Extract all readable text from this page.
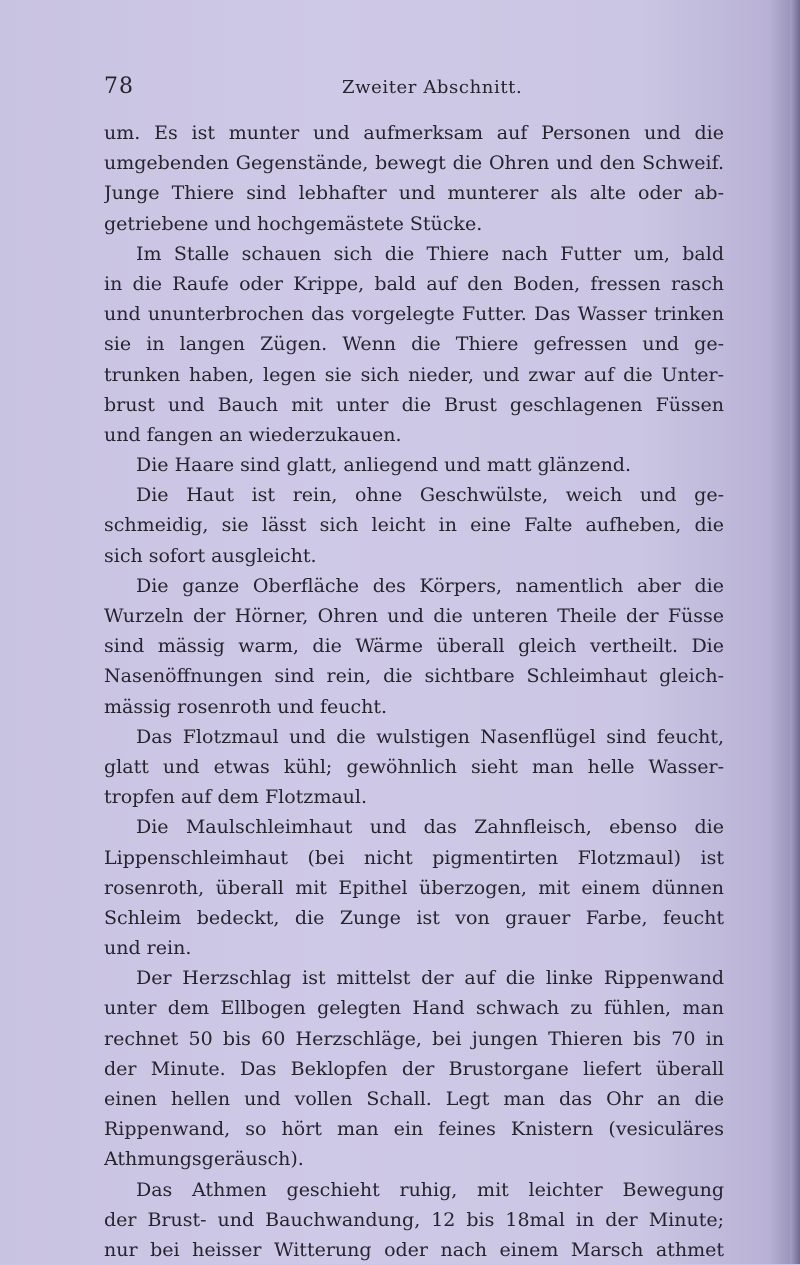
78	Zweiter Abschnitt.
um. Es ist munter und aufmerksam auf Personen und die
umgebenden Gegenstände, bewegt die Ohren und den Schweif.
Junge Thiere sind lebhafter und munterer als alte oder ab-
getriebene und hochgemästete Stücke.
Im Stalle schauen sich die Thiere nach Futter um, bald
in die Raufe oder Krippe, bald auf den Boden, fressen rasch
und ununterbrochen das vorgelegte Futter. Das Wasser trinken
sie in langen Zügen. Wenn die Thiere gefressen und ge-
trunken haben, legen sie sich nieder, und zwar auf die Unter-
brust und Bauch mit unter die Brust geschlagenen Füssen
und fangen an wiederzukauen.
Die Haare sind glatt, anliegend und matt glänzend.
Die Haut ist rein, ohne Geschwülste, weich und ge-
schmeidig, sie lässt sich leicht in eine Falte aufheben, die
sich sofort ausgleicht.
Die ganze Oberfläche des Körpers, namentlich aber die
Wurzeln der Hörner, Ohren und die unteren Theile der Füsse
sind mässig warm, die Wärme überall gleich vertheilt. Die
Nasenöffnungen sind rein, die sichtbare Schleimhaut gleich-
mässig rosenroth und feucht.
Das Flotzmaul und die wulstigen Nasenflügel sind feucht,
glatt und etwas kühl; gewöhnlich sieht man helle Wasser-
tropfen auf dem Flotzmaul.
Die Maulschleimhaut und das Zahnfleisch, ebenso die
Lippenschleimhaut (bei nicht pigmentirten Flotzmaul) ist
rosenroth, überall mit Epithel überzogen, mit einem dünnen
Schleim bedeckt, die Zunge ist von grauer Farbe, feucht
und rein.
Der Herzschlag ist mittelst der auf die linke Rippenwand
unter dem Ellbogen gelegten Hand schwach zu fühlen, man
rechnet 50 bis 60 Herzschläge, bei jungen Thieren bis 70 in
der Minute. Das Beklopfen der Brustorgane liefert überall
einen hellen und vollen Schall. Legt man das Ohr an die
Rippenwand, so hört man ein feines Knistern (vesiculäres
Athmungsgeräusch).
Das Athmen geschieht ruhig, mit leichter Bewegung
der Brust- und Bauchwandung, 12 bis 18mal in der Minute;
nur bei heisser Witterung oder nach einem Marsch athmet
